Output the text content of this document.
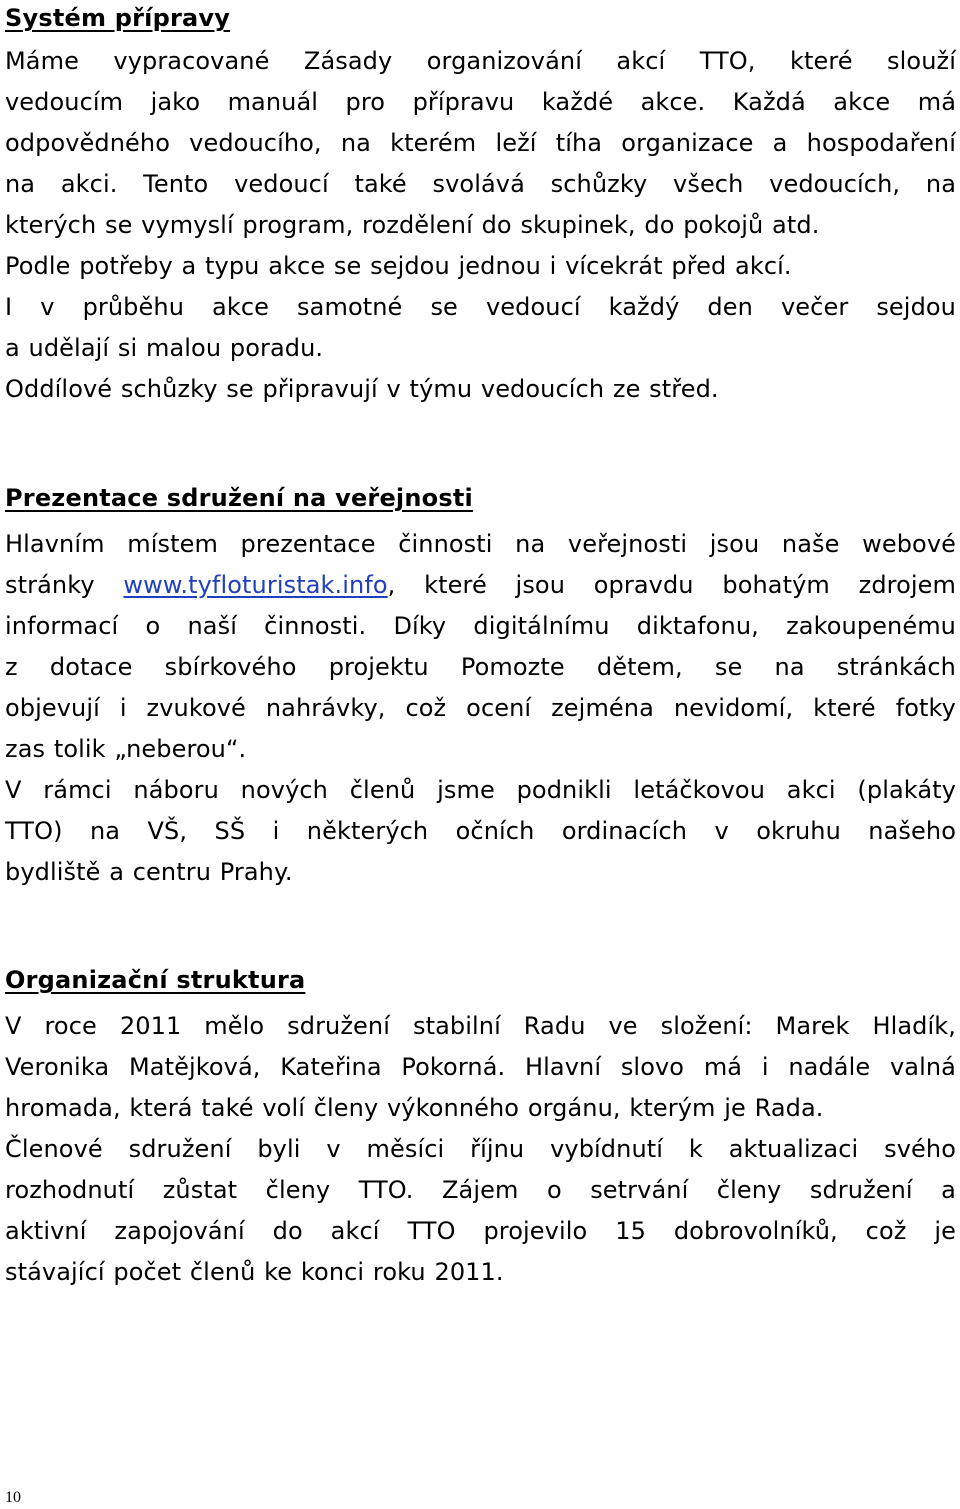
Systém přípravy
Máme vypracované Zásady organizování akcí TTO, které slouží
vedoucím jako manuál pro přípravu každé akce. Každá akce má
odpovědného vedoucího, na kterém leží tíha organizace a hospodaření
na akci. Tento vedoucí také svolává schůzky všech vedoucích, na
kterých se vymyslí program, rozdělení do skupinek, do pokojů atd.
Podle potřeby a typu akce se sejdou jednou i vícekrát před akcí.
I v průběhu akce samotné se vedoucí každý den večer sejdou
a udělají si malou poradu.
Oddílové schůzky se připravují v týmu vedoucích ze střed.
Prezentace sdružení na veřejnosti
Hlavním místem prezentace činnosti na veřejnosti jsou naše webové
stránky www.tyfloturistak.info, které jsou opravdu bohatým zdrojem
informací o naší činnosti. Díky digitálnímu diktafonu, zakoupenému
z dotace sbírkového projektu Pomozte dětem, se na stránkách
objevují i zvukové nahrávky, což ocení zejména nevidomí, které fotky
zas tolik „neberou“.
V rámci náboru nových členů jsme podnikli letáčkovou akci (plakáty
TTO) na VŠ, SŠ i některých očních ordinacích v okruhu našeho
bydliště a centru Prahy.
Organizační struktura
V roce 2011 mělo sdružení stabilní Radu ve složení: Marek Hladík,
Veronika Matějková, Kateřina Pokorná. Hlavní slovo má i nadále valná
hromada, která také volí členy výkonného orgánu, kterým je Rada.
Členové sdružení byli v měsíci říjnu vybídnutí k aktualizaci svého
rozhodnutí zůstat členy TTO. Zájem o setrvání členy sdružení a
aktivní zapojování do akcí TTO projevilo 15 dobrovolníků, což je
stávající počet členů ke konci roku 2011.
10
